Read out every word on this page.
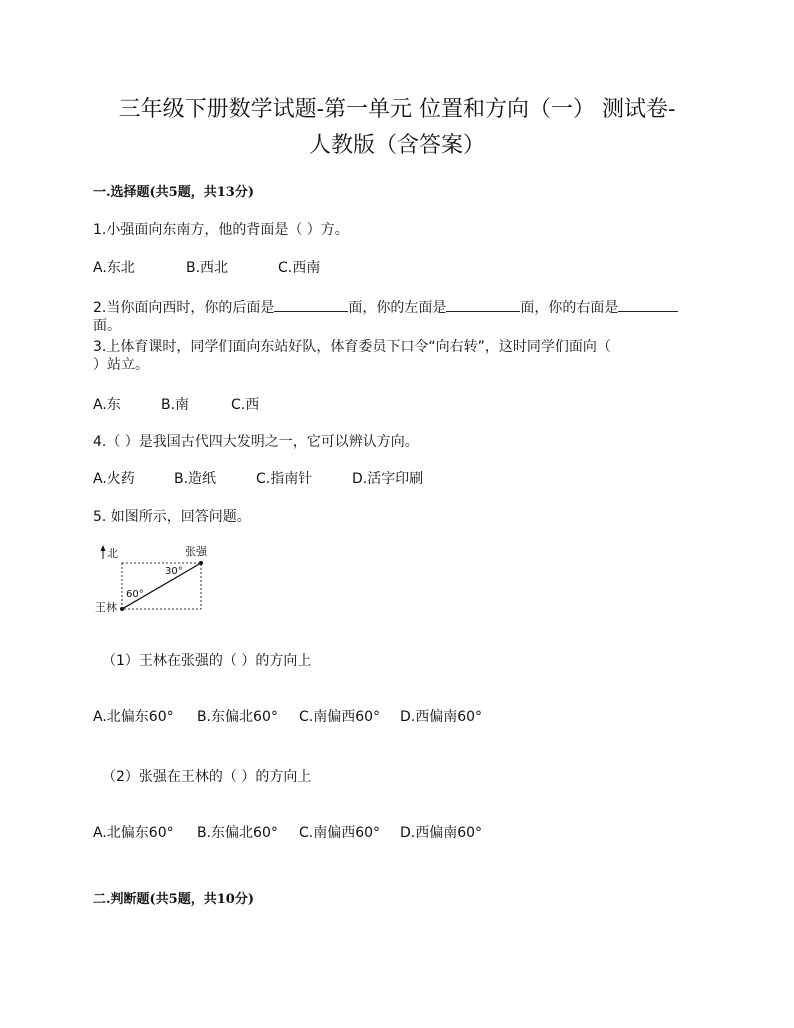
三年级下册数学试题-第一单元 位置和方向（一） 测试卷-
人教版（含答案）
一.选择题(共5题，共13分)
1.小强面向东南方，他的背面是（ ）方。
A.东北	B.西北	C.西南
2.当你面向西时，你的后面是	面，你的左面是	面，你的右面是
面。
3.上体育课时，同学们面向东站好队，体育委员下口令“向右转”，这时同学们面向（
）站立。
A.东	B.南	C.西
4.（ ）是我国古代四大发明之一，它可以辨认方向。
A.火药	B.造纸	C.指南针	D.活字印刷
5. 如图所示，回答问题。
北	张强
30°
60°
王林
（1）王林在张强的（ ）的方向上
A.北偏东60° B.东偏北60° C.南偏西60° D.西偏南60°
（2）张强在王林的（ ）的方向上
A.北偏东60° B.东偏北60° C.南偏西60° D.西偏南60°
二.判断题(共5题，共10分)
